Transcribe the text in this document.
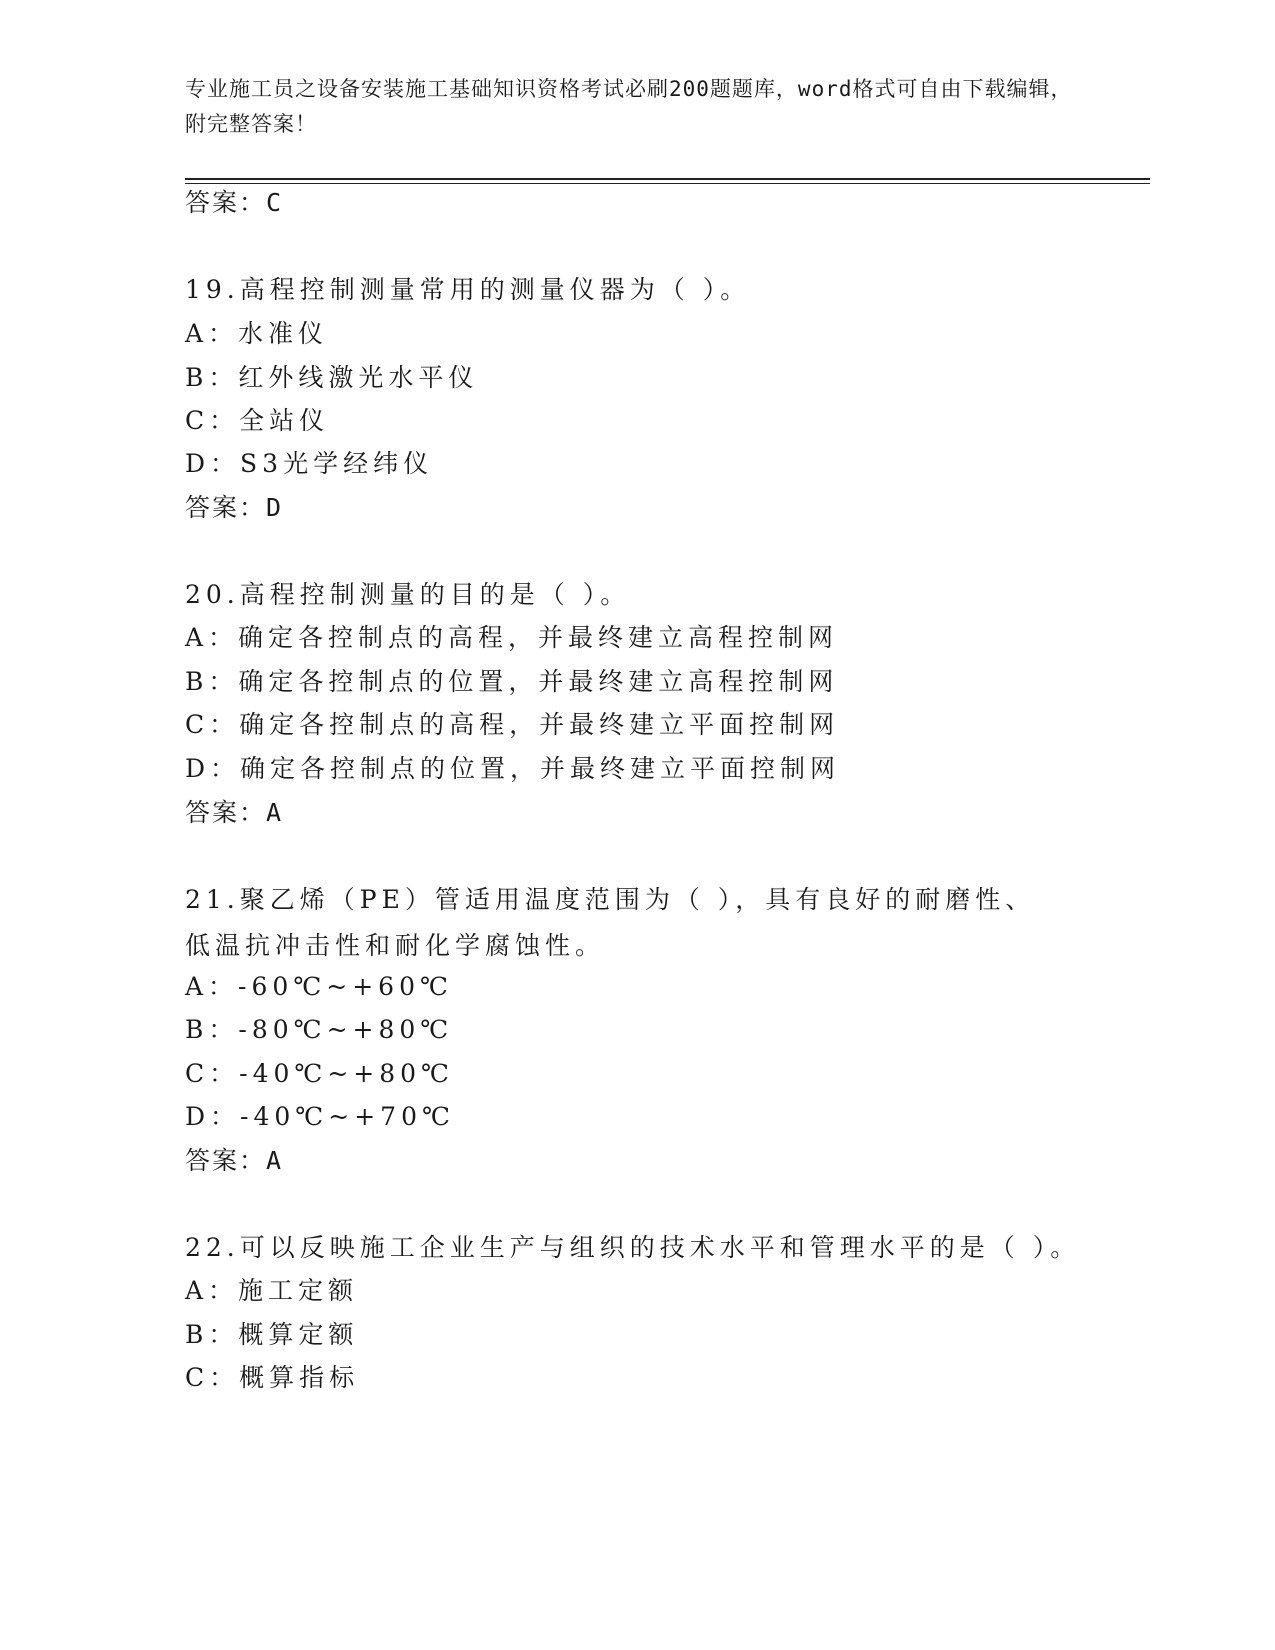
专业施工员之设备安装施工基础知识资格考试必刷200题题库，word格式可自由下载编辑，附完整答案！
答案：C
19.高程控制测量常用的测量仪器为（ ）。
A：水准仪
B：红外线激光水平仪
C：全站仪
D：S3光学经纬仪
答案：D
20.高程控制测量的目的是（ ）。
A：确定各控制点的高程，并最终建立高程控制网
B：确定各控制点的位置，并最终建立高程控制网
C：确定各控制点的高程，并最终建立平面控制网
D：确定各控制点的位置，并最终建立平面控制网
答案：A
21.聚乙烯（PE）管适用温度范围为（ ），具有良好的耐磨性、低温抗冲击性和耐化学腐蚀性。
A：-60℃~+60℃
B：-80℃~+80℃
C：-40℃~+80℃
D：-40℃~+70℃
答案：A
22.可以反映施工企业生产与组织的技术水平和管理水平的是（ ）。
A：施工定额
B：概算定额
C：概算指标
